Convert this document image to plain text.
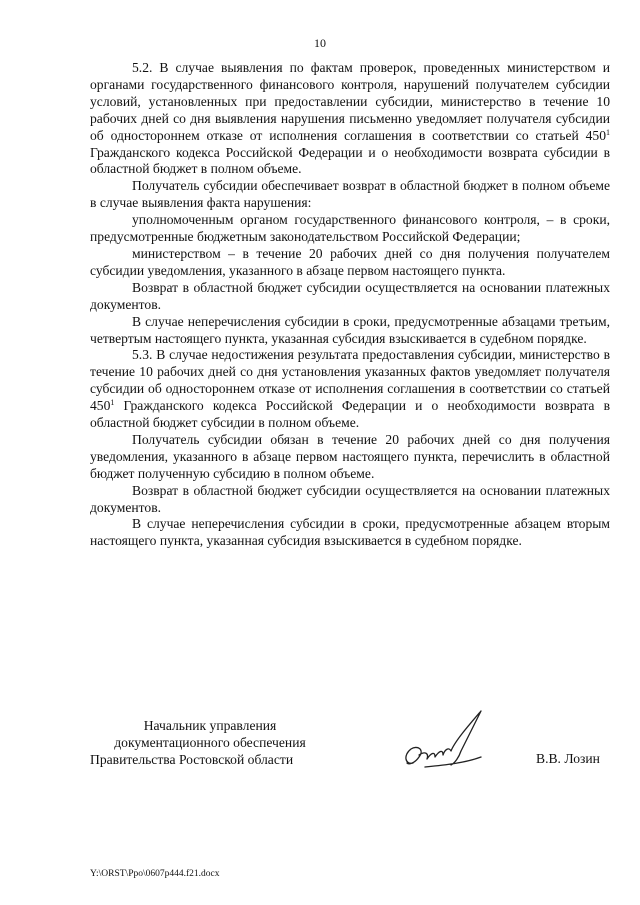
10

5.2. В случае выявления по фактам проверок, проведенных министерством и органами государственного финансового контроля, нарушений получателем субсидии условий, установленных при предоставлении субсидии, министерство в течение 10 рабочих дней со дня выявления нарушения письменно уведомляет получателя субсидии об одностороннем отказе от исполнения соглашения в соответствии со статьей $450^1$ Гражданского кодекса Российской Федерации и о необходимости возврата субсидии в областной бюджет в полном объеме.

Получатель субсидии обеспечивает возврат в областной бюджет в полном объеме в случае выявления факта нарушения:

уполномоченным органом государственного финансового контроля, – в сроки, предусмотренные бюджетным законодательством Российской Федерации;

министерством – в течение 20 рабочих дней со дня получения получателем субсидии уведомления, указанного в абзаце первом настоящего пункта.

Возврат в областной бюджет субсидии осуществляется на основании платежных документов.

В случае неперечисления субсидии в сроки, предусмотренные абзацами третьим, четвертым настоящего пункта, указанная субсидия взыскивается в судебном порядке.

5.3. В случае недостижения результата предоставления субсидии, министерство в течение 10 рабочих дней со дня установления указанных фактов уведомляет получателя субсидии об одностороннем отказе от исполнения соглашения в соответствии со статьей $450^1$ Гражданского кодекса Российской Федерации и о необходимости возврата в областной бюджет субсидии в полном объеме.

Получатель субсидии обязан в течение 20 рабочих дней со дня получения уведомления, указанного в абзаце первом настоящего пункта, перечислить в областной бюджет полученную субсидию в полном объеме.

Возврат в областной бюджет субсидии осуществляется на основании платежных документов.

В случае неперечисления субсидии в сроки, предусмотренные абзацем вторым настоящего пункта, указанная субсидия взыскивается в судебном порядке.

Начальник управления
документационного обеспечения
Правительства Ростовской области	В.В. Лозин
Y:\ORST\Ppo\0607p444.f21.docx
